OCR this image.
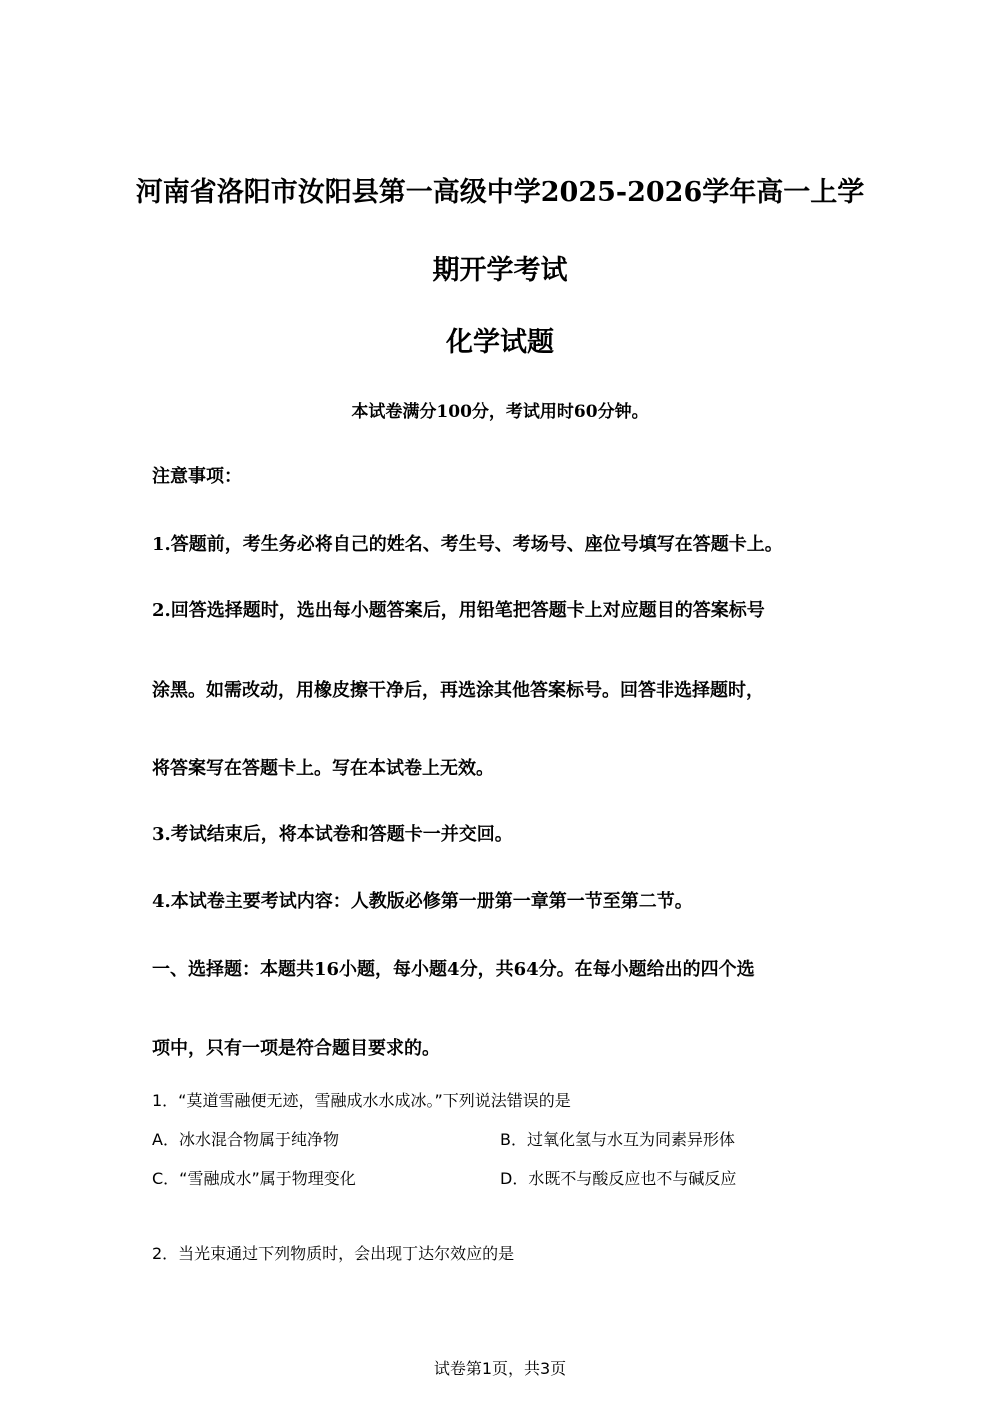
河南省洛阳市汝阳县第一高级中学2025-2026学年高一上学
期开学考试
化学试题
本试卷满分100分，考试用时60分钟。
注意事项：
1.答题前，考生务必将自己的姓名、考生号、考场号、座位号填写在答题卡上。
2.回答选择题时，选出每小题答案后，用铅笔把答题卡上对应题目的答案标号
涂黑。如需改动，用橡皮擦干净后，再选涂其他答案标号。回答非选择题时，
将答案写在答题卡上。写在本试卷上无效。
3.考试结束后，将本试卷和答题卡一并交回。
4.本试卷主要考试内容：人教版必修第一册第一章第一节至第二节。
一、选择题：本题共16小题，每小题4分，共64分。在每小题给出的四个选
项中，只有一项是符合题目要求的。
1．“莫道雪融便无迹，雪融成水水成冰。”下列说法错误的是
A．冰水混合物属于纯净物	B．过氧化氢与水互为同素异形体
C．“雪融成水”属于物理变化	D．水既不与酸反应也不与碱反应
2．当光束通过下列物质时，会出现丁达尔效应的是
试卷第1页，共3页
